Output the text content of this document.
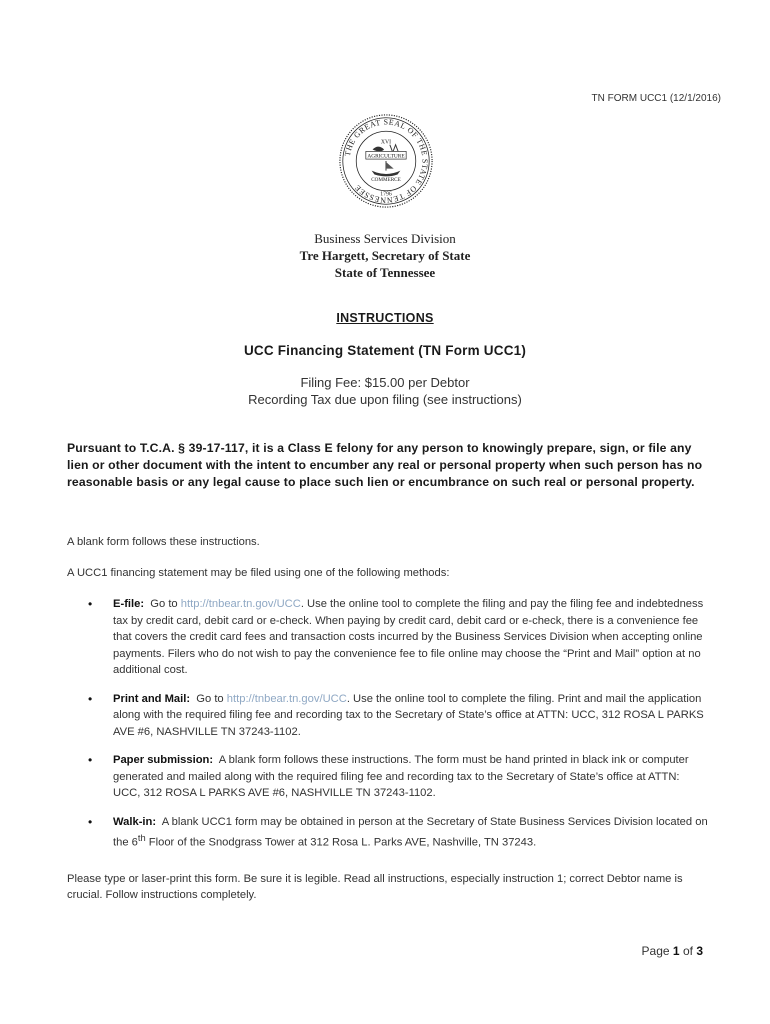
TN FORM UCC1 (12/1/2016)
THE GREAT SEAL OF THE STATE OF TENNESSEE
XVI
AGRICULTURE
COMMERCE
1796
Business Services Division
Tre Hargett, Secretary of State
State of Tennessee
INSTRUCTIONS
UCC Financing Statement (TN Form UCC1)
Filing Fee: $15.00 per Debtor
Recording Tax due upon filing (see instructions)
Pursuant to T.C.A. § 39-17-117, it is a Class E felony for any person to knowingly prepare, sign, or file any lien or other document with the intent to encumber any real or personal property when such person has no reasonable basis or any legal cause to place such lien or encumbrance on such real or personal property.
A blank form follows these instructions.
A UCC1 financing statement may be filed using one of the following methods:
• E-file: Go to http://tnbear.tn.gov/UCC. Use the online tool to complete the filing and pay the filing fee and indebtedness tax by credit card, debit card or e-check. When paying by credit card, debit card or e-check, there is a convenience fee that covers the credit card fees and transaction costs incurred by the Business Services Division when accepting online payments. Filers who do not wish to pay the convenience fee to file online may choose the “Print and Mail” option at no additional cost.
• Print and Mail: Go to http://tnbear.tn.gov/UCC. Use the online tool to complete the filing. Print and mail the application along with the required filing fee and recording tax to the Secretary of State’s office at ATTN: UCC, 312 ROSA L PARKS AVE #6, NASHVILLE TN 37243-1102.
• Paper submission: A blank form follows these instructions. The form must be hand printed in black ink or computer generated and mailed along with the required filing fee and recording tax to the Secretary of State’s office at ATTN: UCC, 312 ROSA L PARKS AVE #6, NASHVILLE TN 37243-1102.
• Walk-in: A blank UCC1 form may be obtained in person at the Secretary of State Business Services Division located on the 6th Floor of the Snodgrass Tower at 312 Rosa L. Parks AVE, Nashville, TN 37243.
Please type or laser-print this form. Be sure it is legible. Read all instructions, especially instruction 1; correct Debtor name is crucial. Follow instructions completely.
Page 1 of 3
